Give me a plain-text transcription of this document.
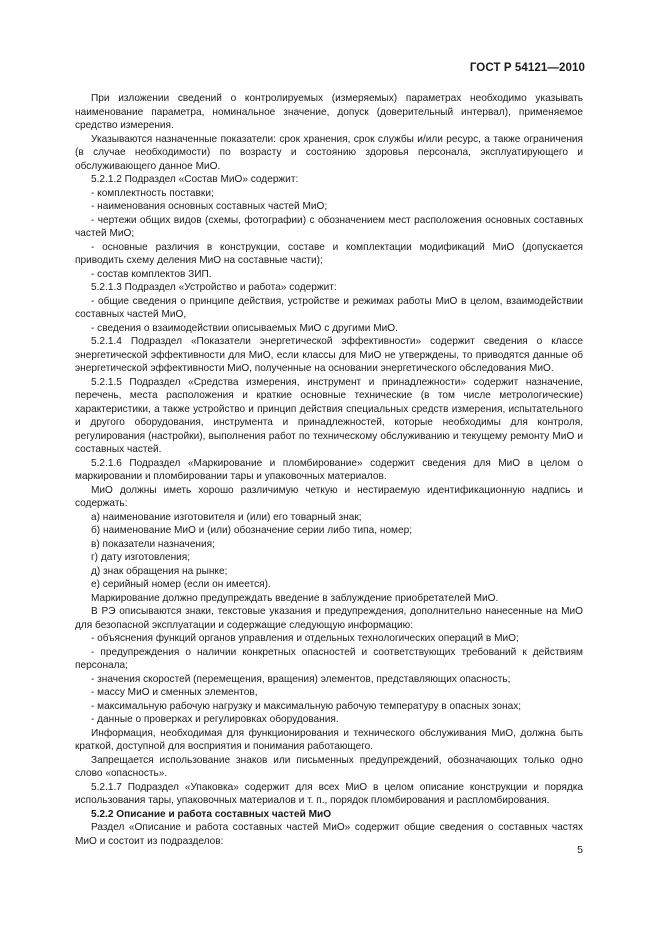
ГОСТ Р 54121—2010

При изложении сведений о контролируемых (измеряемых) параметрах необходимо указывать наименование параметра, номинальное значение, допуск (доверительный интервал), применяемое средство измерения.

Указываются назначенные показатели: срок хранения, срок службы и/или ресурс, а также ограничения (в случае необходимости) по возрасту и состоянию здоровья персонала, эксплуатирующего и обслуживающего данное МиО.

5.2.1.2 Подраздел «Состав МиО» содержит:

- комплектность поставки;

- наименования основных составных частей МиО;

- чертежи общих видов (схемы, фотографии) с обозначением мест расположения основных составных частей МиО;

- основные различия в конструкции, составе и комплектации модификаций МиО (допускается приводить схему деления МиО на составные части);

- состав комплектов ЗИП.

5.2.1.3 Подраздел «Устройство и работа» содержит:

- общие сведения о принципе действия, устройстве и режимах работы МиО в целом, взаимодействии составных частей МиО,

- сведения о взаимодействии описываемых МиО с другими МиО.

5.2.1.4 Подраздел «Показатели энергетической эффективности» содержит сведения о классе энергетической эффективности для МиО, если классы для МиО не утверждены, то приводятся данные об энергетической эффективности МиО, полученные на основании энергетического обследования МиО.

5.2.1.5 Подраздел «Средства измерения, инструмент и принадлежности» содержит назначение, перечень, места расположения и краткие основные технические (в том числе метрологические) характеристики, а также устройство и принцип действия специальных средств измерения, испытательного и другого оборудования, инструмента и принадлежностей, которые необходимы для контроля, регулирования (настройки), выполнения работ по техническому обслуживанию и текущему ремонту МиО и составных частей.

5.2.1.6 Подраздел «Маркирование и пломбирование» содержит сведения для МиО в целом о маркировании и пломбировании тары и упаковочных материалов.

МиО должны иметь хорошо различимую четкую и нестираемую идентификационную надпись и содержать:

а) наименование изготовителя и (или) его товарный знак;

б) наименование МиО и (или) обозначение серии либо типа, номер;

в) показатели назначения;

г) дату изготовления;

д) знак обращения на рынке;

е) серийный номер (если он имеется).

Маркирование должно предупреждать введение в заблуждение приобретателей МиО.

В РЭ описываются знаки, текстовые указания и предупреждения, дополнительно нанесенные на МиО для безопасной эксплуатации и содержащие следующую информацию:

- объяснения функций органов управления и отдельных технологических операций в МиО;

- предупреждения о наличии конкретных опасностей и соответствующих требований к действиям персонала;

- значения скоростей (перемещения, вращения) элементов, представляющих опасность;

- массу МиО и сменных элементов,

- максимальную рабочую нагрузку и максимальную рабочую температуру в опасных зонах;

- данные о проверках и регулировках оборудования.

Информация, необходимая для функционирования и технического обслуживания МиО, должна быть краткой, доступной для восприятия и понимания работающего.

Запрещается использование знаков или письменных предупреждений, обозначающих только одно слово «опасность».

5.2.1.7 Подраздел «Упаковка» содержит для всех МиО в целом описание конструкции и порядка использования тары, упаковочных материалов и т. п., порядок пломбирования и распломбирования.

5.2.2 Описание и работа составных частей МиО

Раздел «Описание и работа составных частей МиО» содержит общие сведения о составных частях МиО и состоит из подразделов:

5
